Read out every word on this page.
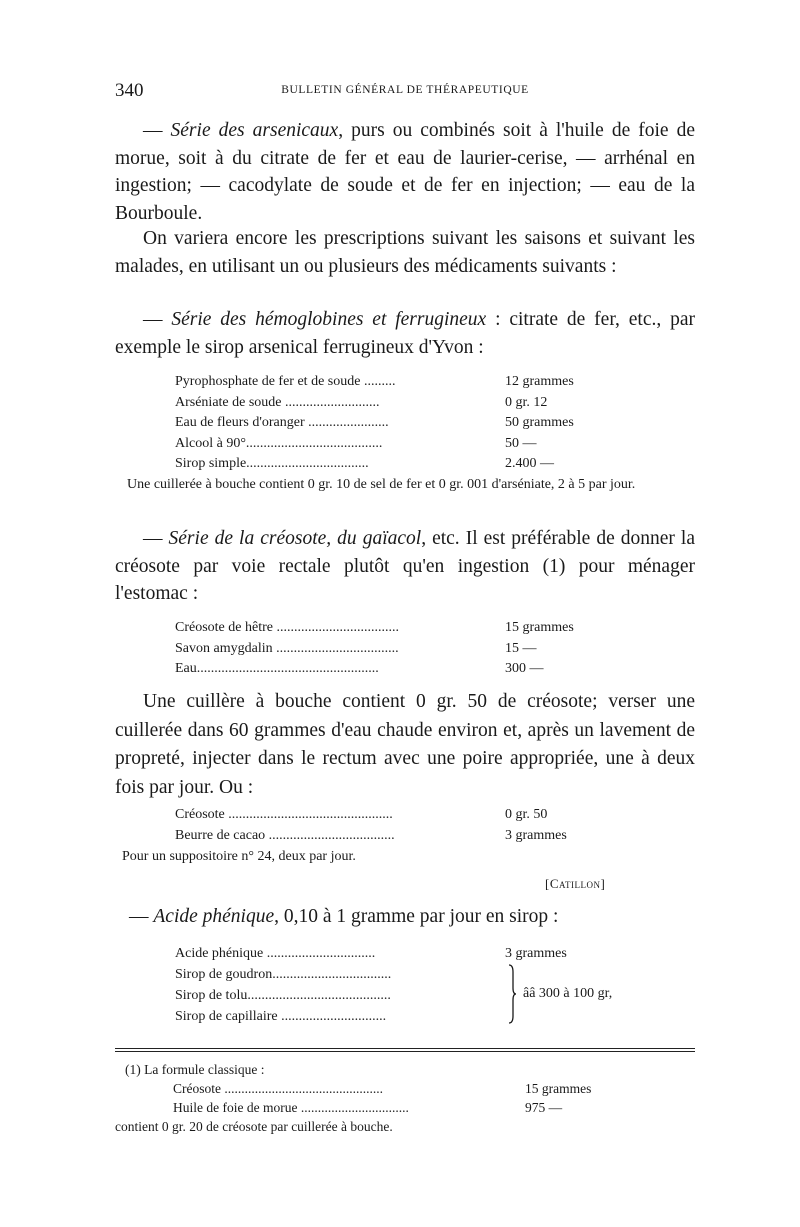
340	BULLETIN GÉNÉRAL DE THÉRAPEUTIQUE

— Série des arsenicaux, purs ou combinés soit à l'huile de foie de morue, soit à du citrate de fer et eau de laurier-cerise, — arrhénal en ingestion; — cacodylate de soude et de fer en injection; — eau de la Bourboule.

On variera encore les prescriptions suivant les saisons et suivant les malades, en utilisant un ou plusieurs des médicaments suivants :

— Série des hémoglobines et ferrugineux : citrate de fer, etc., par exemple le sirop arsenical ferrugineux d'Yvon :

Pyrophosphate de fer et de soude .........	12 grammes
Arséniate de soude ...........................	0 gr. 12
Eau de fleurs d'oranger .......................	50 grammes
Alcool à 90°.......................................	50 —
Sirop simple...................................	2.400 —
Une cuillerée à bouche contient 0 gr. 10 de sel de fer et 0 gr. 001 d'arséniate, 2 à 5 par jour.

— Série de la créosote, du gaïacol, etc. Il est préférable de donner la créosote par voie rectale plutôt qu'en ingestion (1) pour ménager l'estomac :

Créosote de hêtre ...................................	15 grammes
Savon amygdalin ...................................	15 —
Eau....................................................	300 —

Une cuillère à bouche contient 0 gr. 50 de créosote; verser une cuillerée dans 60 grammes d'eau chaude environ et, après un lavement de propreté, injecter dans le rectum avec une poire appropriée, une à deux fois par jour. Ou :

Créosote ...............................................	0 gr. 50
Beurre de cacao ....................................	3 grammes
Pour un suppositoire n° 24, deux par jour.
[Catillon]

— Acide phénique, 0,10 à 1 gramme par jour en sirop :

Acide phénique ...............................	3 grammes
Sirop de goudron..................................
Sirop de tolu.........................................
Sirop de capillaire ..............................
ââ 300 à 100 gr,
(1) La formule classique :
Créosote ...............................................	15 grammes
Huile de foie de morue ................................	975 —
contient 0 gr. 20 de créosote par cuillerée à bouche.
